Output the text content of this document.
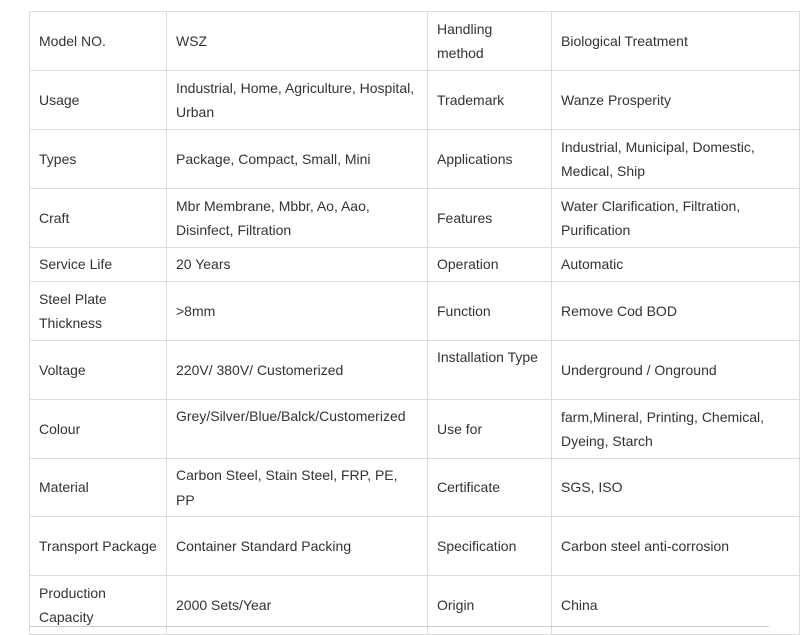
Model NO.	WSZ	Handling method	Biological Treatment
Usage	Industrial, Home, Agriculture, Hospital, Urban	Trademark	Wanze Prosperity
Types	Package, Compact, Small, Mini	Applications	Industrial, Municipal, Domestic, Medical, Ship
Craft	Mbr Membrane, Mbbr, Ao, Aao, Disinfect, Filtration	Features	Water Clarification, Filtration, Purification
Service Life	20 Years	Operation	Automatic
Steel Plate Thickness	>8mm	Function	Remove Cod BOD
Voltage	220V/ 380V/ Customerized	Installation Type	Underground / Onground
Colour	Grey/Silver/Blue/Balck/Customerized	Use for	farm,Mineral, Printing, Chemical, Dyeing, Starch
Material	Carbon Steel, Stain Steel, FRP, PE, PP	Certificate	SGS, ISO
Transport Package	Container Standard Packing	Specification	Carbon steel anti-corrosion
Production Capacity	2000 Sets/Year	Origin	China
